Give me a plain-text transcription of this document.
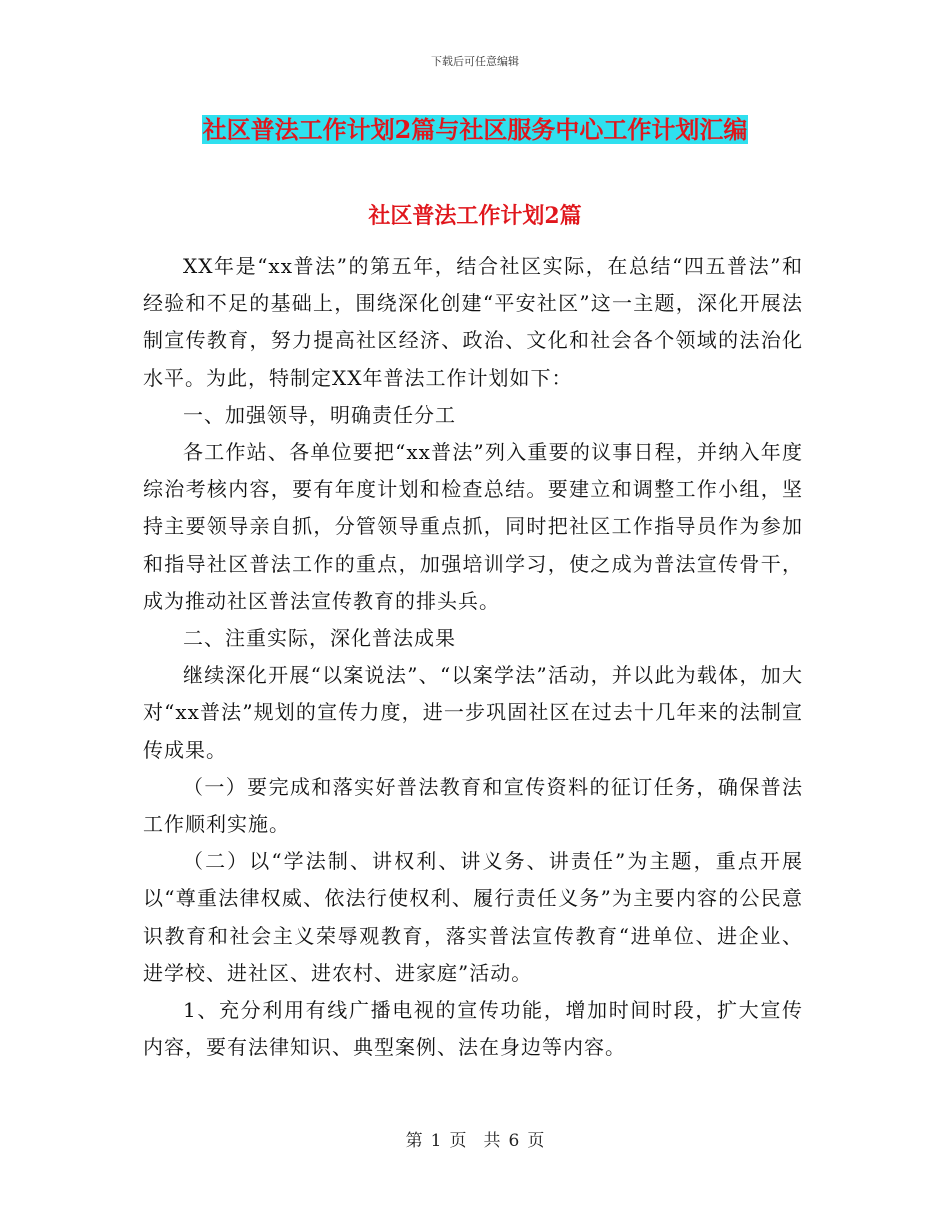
下载后可任意编辑
社区普法工作计划2篇与社区服务中心工作计划汇编
社区普法工作计划2篇

XX年是“xx普法”的第五年，结合社区实际，在总结“四五普法”和经验和不足的基础上，围绕深化创建“平安社区”这一主题，深化开展法制宣传教育，努力提高社区经济、政治、文化和社会各个领域的法治化水平。为此，特制定XX年普法工作计划如下：

一、加强领导，明确责任分工

各工作站、各单位要把“xx普法”列入重要的议事日程，并纳入年度综治考核内容，要有年度计划和检查总结。要建立和调整工作小组，坚持主要领导亲自抓，分管领导重点抓，同时把社区工作指导员作为参加和指导社区普法工作的重点，加强培训学习，使之成为普法宣传骨干，成为推动社区普法宣传教育的排头兵。

二、注重实际，深化普法成果

继续深化开展“以案说法”、“以案学法”活动，并以此为载体，加大对“xx普法”规划的宣传力度，进一步巩固社区在过去十几年来的法制宣传成果。

（一）要完成和落实好普法教育和宣传资料的征订任务，确保普法工作顺利实施。

（二）以“学法制、讲权利、讲义务、讲责任”为主题，重点开展以“尊重法律权威、依法行使权利、履行责任义务”为主要内容的公民意识教育和社会主义荣辱观教育，落实普法宣传教育“进单位、进企业、进学校、进社区、进农村、进家庭”活动。

1、充分利用有线广播电视的宣传功能，增加时间时段，扩大宣传内容，要有法律知识、典型案例、法在身边等内容。

第 1 页　共 6 页
